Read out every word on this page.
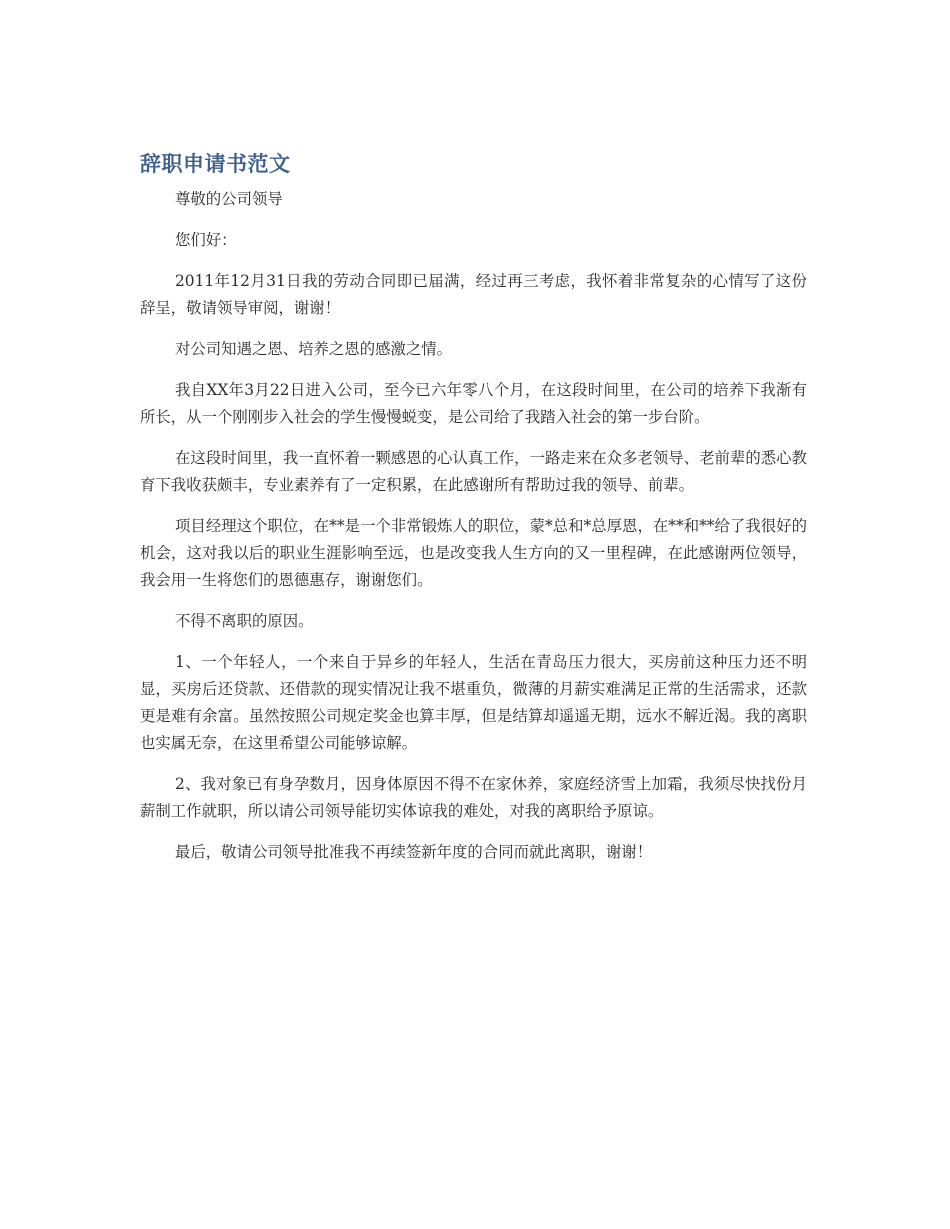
辞职申请书范文

尊敬的公司领导

您们好：

2011年12月31日我的劳动合同即已届满，经过再三考虑，我怀着非常复杂的心情写了这份辞呈，敬请领导审阅，谢谢！

对公司知遇之恩、培养之恩的感激之情。

我自XX年3月22日进入公司，至今已六年零八个月，在这段时间里，在公司的培养下我渐有所长，从一个刚刚步入社会的学生慢慢蜕变，是公司给了我踏入社会的第一步台阶。

在这段时间里，我一直怀着一颗感恩的心认真工作，一路走来在众多老领导、老前辈的悉心教育下我收获颇丰，专业素养有了一定积累，在此感谢所有帮助过我的领导、前辈。

项目经理这个职位，在**是一个非常锻炼人的职位，蒙*总和*总厚恩，在**和**给了我很好的机会，这对我以后的职业生涯影响至远，也是改变我人生方向的又一里程碑，在此感谢两位领导，我会用一生将您们的恩德惠存，谢谢您们。

不得不离职的原因。

1、一个年轻人，一个来自于异乡的年轻人，生活在青岛压力很大，买房前这种压力还不明显，买房后还贷款、还借款的现实情况让我不堪重负，微薄的月薪实难满足正常的生活需求，还款更是难有余富。虽然按照公司规定奖金也算丰厚，但是结算却遥遥无期，远水不解近渴。我的离职也实属无奈，在这里希望公司能够谅解。

2、我对象已有身孕数月，因身体原因不得不在家休养，家庭经济雪上加霜，我须尽快找份月薪制工作就职，所以请公司领导能切实体谅我的难处，对我的离职给予原谅。

最后，敬请公司领导批准我不再续签新年度的合同而就此离职，谢谢！
